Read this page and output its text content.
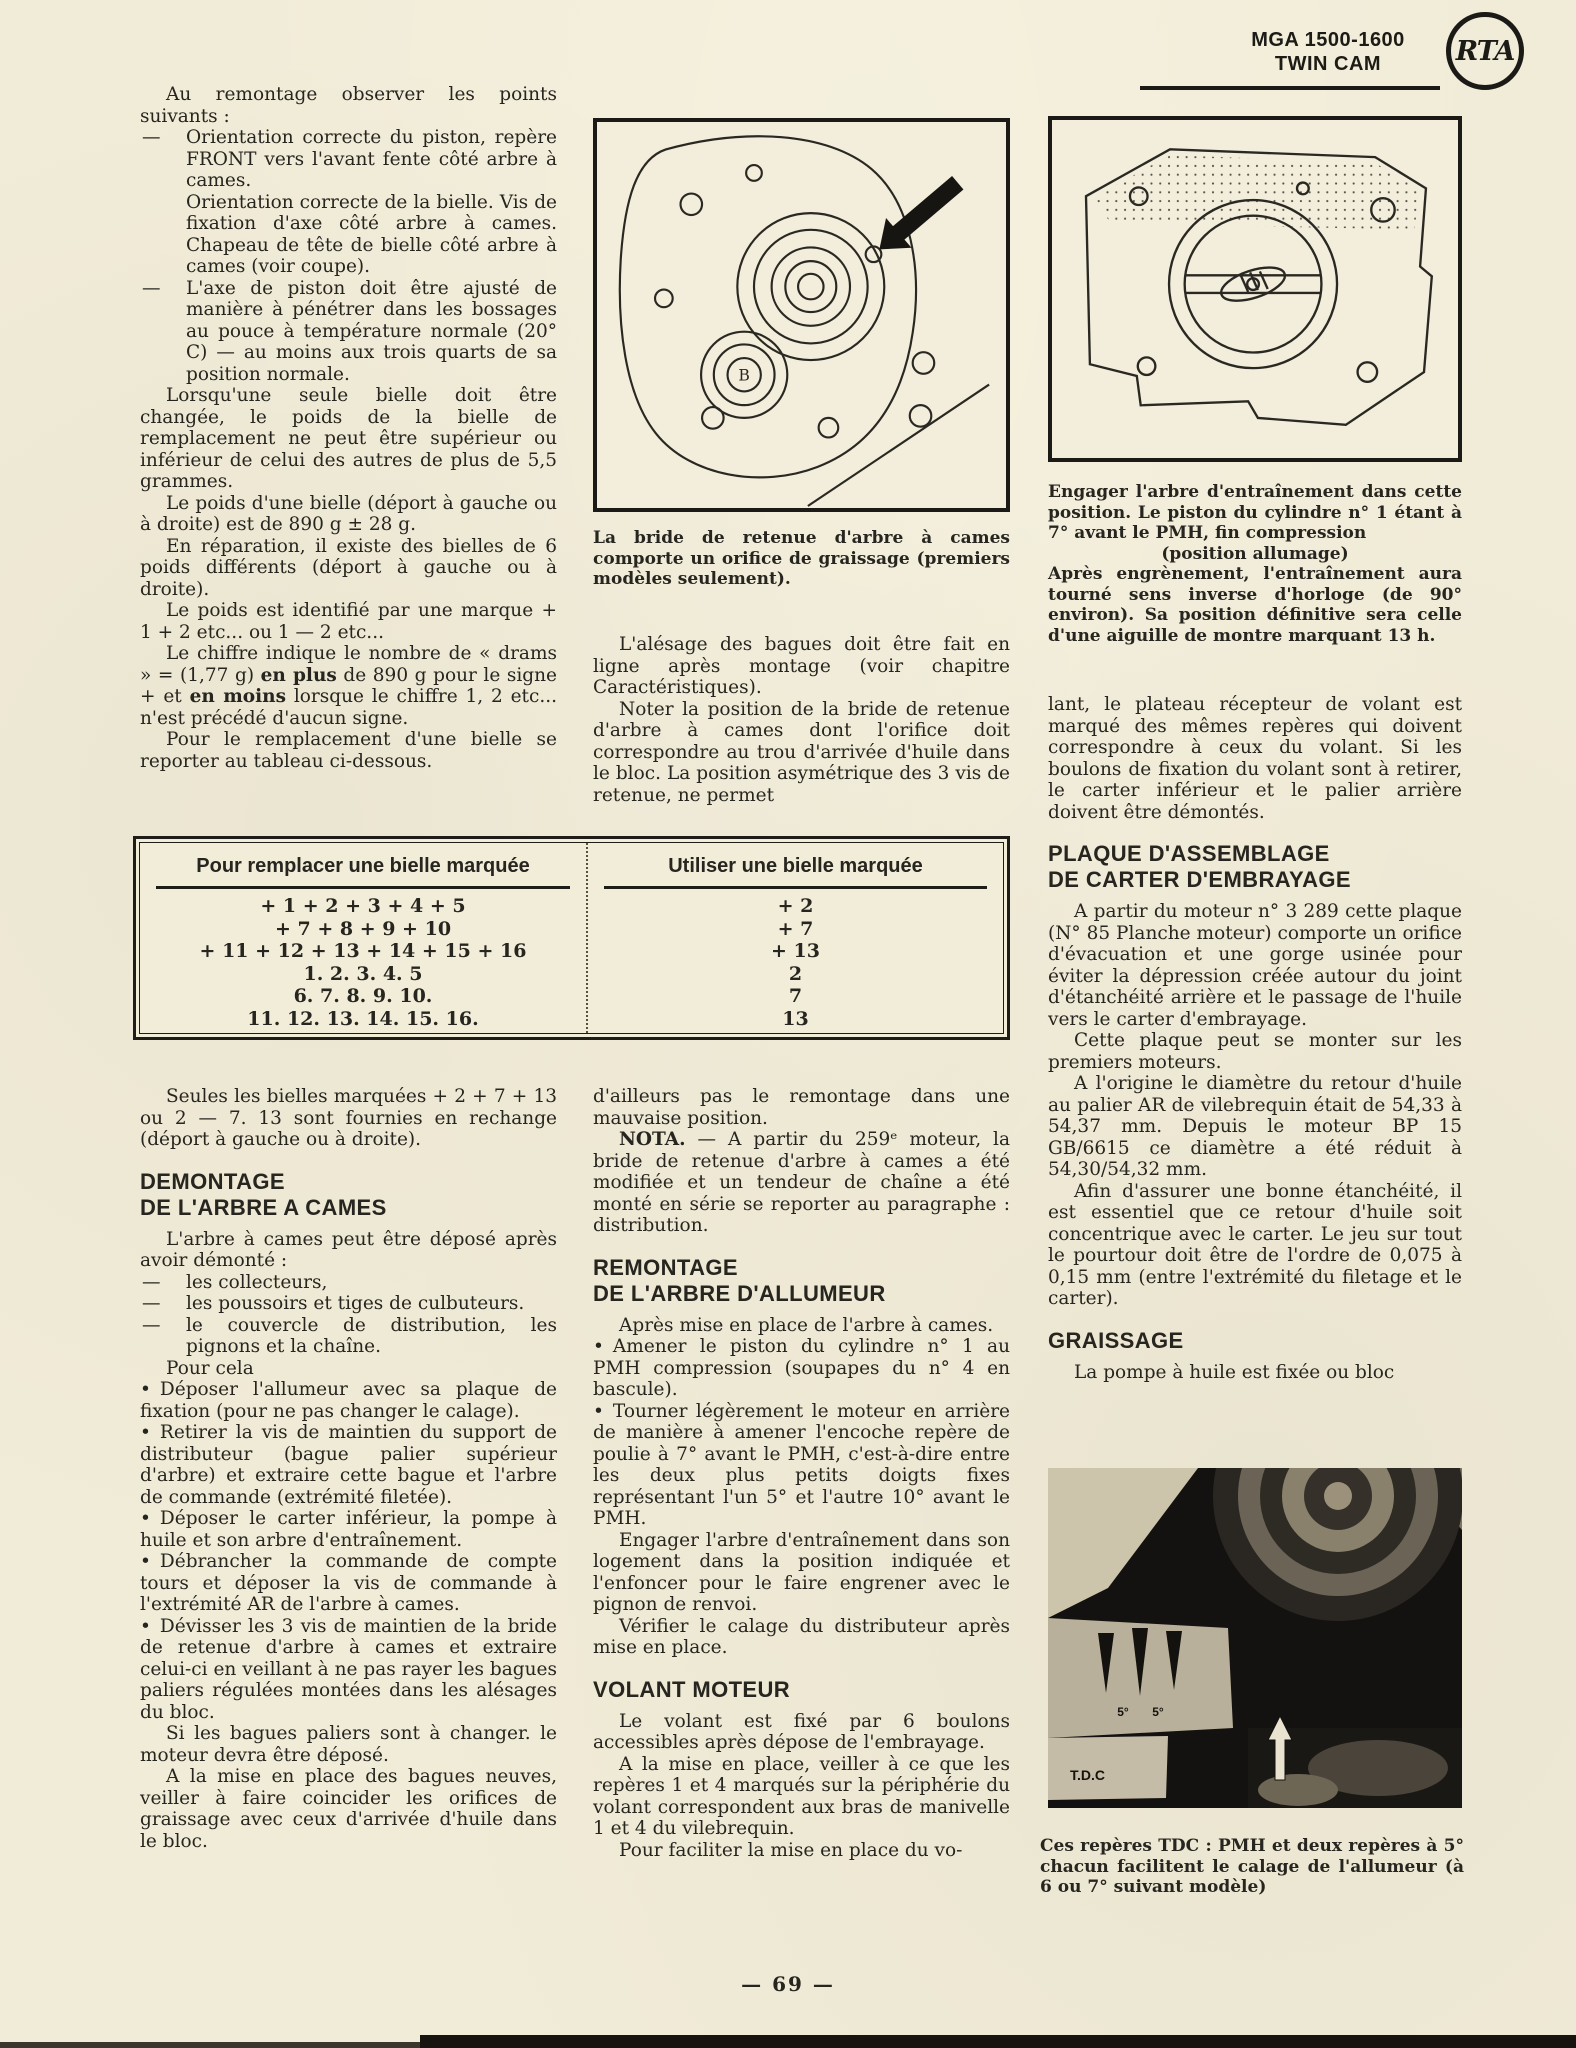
MGA 1500-1600
TWIN CAM	RTA

Au remontage observer les points suivants :

— Orientation correcte du piston, repère FRONT vers l'avant fente côté arbre à cames.

Orientation correcte de la bielle. Vis de fixation d'axe côté arbre à cames. Chapeau de tête de bielle côté arbre à cames (voir coupe).

— L'axe de piston doit être ajusté de manière à pénétrer dans les bossages au pouce à température normale (20° C) — au moins aux trois quarts de sa position normale.

Lorsqu'une seule bielle doit être changée, le poids de la bielle de remplacement ne peut être supérieur ou inférieur de celui des autres de plus de 5,5 grammes.

Le poids d'une bielle (déport à gauche ou à droite) est de 890 g ± 28 g.

En réparation, il existe des bielles de 6 poids différents (déport à gauche ou à droite).

Le poids est identifié par une marque + 1 + 2 etc... ou 1 — 2 etc...

Le chiffre indique le nombre de « drams » = (1,77 g) en plus de 890 g pour le signe + et en moins lorsque le chiffre 1, 2 etc... n'est précédé d'aucun signe.

Pour le remplacement d'une bielle se reporter au tableau ci-dessous.

B
La bride de retenue d'arbre à cames comporte un orifice de graissage (premiers modèles seulement).

L'alésage des bagues doit être fait en ligne après montage (voir chapitre Caractéristiques).

Noter la position de la bride de retenue d'arbre à cames dont l'orifice doit correspondre au trou d'arrivée d'huile dans le bloc. La position asymétrique des 3 vis de retenue, ne permet

Engager l'arbre d'entraînement dans cette position. Le piston du cylindre n° 1 étant à 7° avant le PMH, fin compression
(position allumage)
Après engrènement, l'entraînement aura tourné sens inverse d'horloge (de 90° environ). Sa position définitive sera celle d'une aiguille de montre marquant 13 h.

lant, le plateau récepteur de volant est marqué des mêmes repères qui doivent correspondre à ceux du volant. Si les boulons de fixation du volant sont à retirer, le carter inférieur et le palier arrière doivent être démontés.

PLAQUE D'ASSEMBLAGE
DE CARTER D'EMBRAYAGE

A partir du moteur n° 3 289 cette plaque (N° 85 Planche moteur) comporte un orifice d'évacuation et une gorge usinée pour éviter la dépression créée autour du joint d'étanchéité arrière et le passage de l'huile vers le carter d'embrayage.

Cette plaque peut se monter sur les premiers moteurs.

A l'origine le diamètre du retour d'huile au palier AR de vilebrequin était de 54,33 à 54,37 mm. Depuis le moteur BP 15 GB/6615 ce diamètre a été réduit à 54,30/54,32 mm.

Afin d'assurer une bonne étanchéité, il est essentiel que ce retour d'huile soit concentrique avec le carter. Le jeu sur tout le pourtour doit être de l'ordre de 0,075 à 0,15 mm (entre l'extrémité du filetage et le carter).

GRAISSAGE

La pompe à huile est fixée ou bloc

Pour remplacer une bielle marquée
+ 1 + 2 + 3 + 4 + 5
+ 7 + 8 + 9 + 10
+ 11 + 12 + 13 + 14 + 15 + 16
1. 2. 3. 4. 5
6. 7. 8. 9. 10.
11. 12. 13. 14. 15. 16.
Utiliser une bielle marquée
+ 2
+ 7
+ 13
2
7
13

Seules les bielles marquées + 2 + 7 + 13 ou 2 — 7. 13 sont fournies en rechange (déport à gauche ou à droite).

DEMONTAGE
DE L'ARBRE A CAMES

L'arbre à cames peut être déposé après avoir démonté :

— les collecteurs,

— les poussoirs et tiges de culbuteurs.

— le couvercle de distribution, les pignons et la chaîne.

Pour cela

• Déposer l'allumeur avec sa plaque de fixation (pour ne pas changer le calage).

• Retirer la vis de maintien du support de distributeur (bague palier supérieur d'arbre) et extraire cette bague et l'arbre de commande (extrémité filetée).

• Déposer le carter inférieur, la pompe à huile et son arbre d'entraînement.

• Débrancher la commande de compte tours et déposer la vis de commande à l'extrémité AR de l'arbre à cames.

• Dévisser les 3 vis de maintien de la bride de retenue d'arbre à cames et extraire celui-ci en veillant à ne pas rayer les bagues paliers régulées montées dans les alésages du bloc.

Si les bagues paliers sont à changer. le moteur devra être déposé.

A la mise en place des bagues neuves, veiller à faire coincider les orifices de graissage avec ceux d'arrivée d'huile dans le bloc.

d'ailleurs pas le remontage dans une mauvaise position.

NOTA. — A partir du 259ᵉ moteur, la bride de retenue d'arbre à cames a été modifiée et un tendeur de chaîne a été monté en série se reporter au paragraphe : distribution.

REMONTAGE
DE L'ARBRE D'ALLUMEUR

Après mise en place de l'arbre à cames.

• Amener le piston du cylindre n° 1 au PMH compression (soupapes du n° 4 en bascule).

• Tourner légèrement le moteur en arrière de manière à amener l'encoche repère de poulie à 7° avant le PMH, c'est-à-dire entre les deux plus petits doigts fixes représentant l'un 5° et l'autre 10° avant le PMH.

Engager l'arbre d'entraînement dans son logement dans la position indiquée et l'enfoncer pour le faire engrener avec le pignon de renvoi.

Vérifier le calage du distributeur après mise en place.

VOLANT MOTEUR

Le volant est fixé par 6 boulons accessibles après dépose de l'embrayage.

A la mise en place, veiller à ce que les repères 1 et 4 marqués sur la périphérie du volant correspondent aux bras de manivelle 1 et 4 du vilebrequin.

Pour faciliter la mise en place du vo-

5° 5°
T.D.C
Ces repères TDC : PMH et deux repères à 5° chacun facilitent le calage de l'allumeur (à 6 ou 7° suivant modèle)
— 69 —
